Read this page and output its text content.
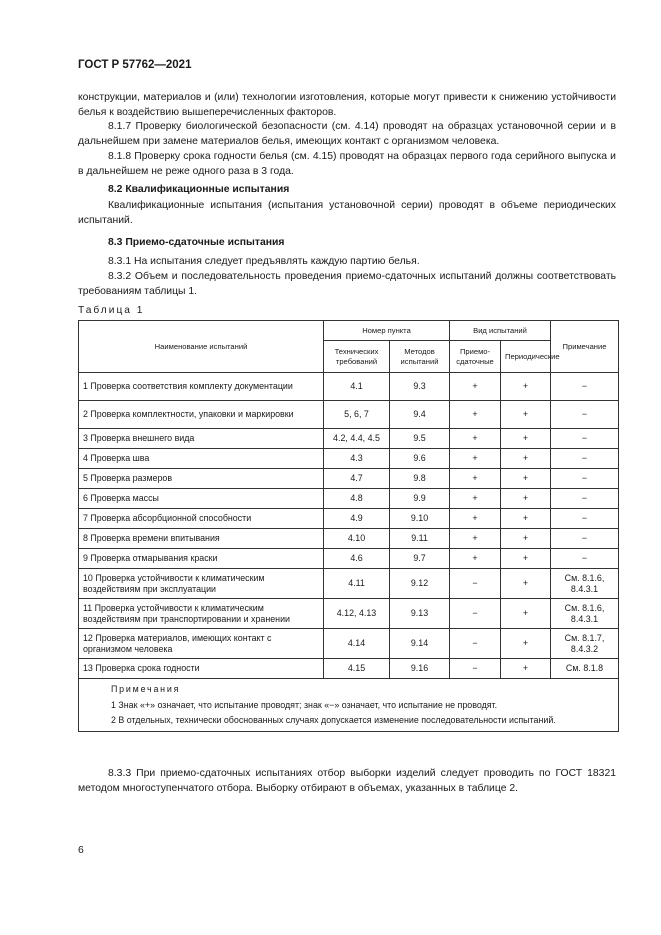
ГОСТ Р 57762—2021

конструкции, материалов и (или) технологии изготовления, которые могут привести к снижению устойчивости белья к воздействию вышеперечисленных факторов.

8.1.7 Проверку биологической безопасности (см. 4.14) проводят на образцах установочной серии и в дальнейшем при замене материалов белья, имеющих контакт с организмом человека.

8.1.8 Проверку срока годности белья (см. 4.15) проводят на образцах первого года серийного выпуска и в дальнейшем не реже одного раза в 3 года.

8.2 Квалификационные испытания

Квалификационные испытания (испытания установочной серии) проводят в объеме периодических испытаний.

8.3 Приемо-сдаточные испытания

8.3.1 На испытания следует предъявлять каждую партию белья.

8.3.2 Объем и последовательность проведения приемо-сдаточных испытаний должны соответствовать требованиям таблицы 1.

Таблица 1
Наименование испытаний	Номер пункта		Вид испытаний		Примечание
	Технических требований	Методов испытаний	Приемо-сдаточные	Периодические	
1 Проверка соответствия комплекту документации	4.1	9.3	+	+	−
2 Проверка комплектности, упаковки и маркировки	5, 6, 7	9.4	+	+	−
3 Проверка внешнего вида	4.2, 4.4, 4.5	9.5	+	+	−
4 Проверка шва	4.3	9.6	+	+	−
5 Проверка размеров	4.7	9.8	+	+	−
6 Проверка массы	4.8	9.9	+	+	−
7 Проверка абсорбционной способности	4.9	9.10	+	+	−
8 Проверка времени впитывания	4.10	9.11	+	+	−
9 Проверка отмарывания краски	4.6	9.7	+	+	−
10 Проверка устойчивости к климатическим воздействиям при эксплуатации	4.11	9.12	−	+	См. 8.1.6, 8.4.3.1
11 Проверка устойчивости к климатическим воздействиям при транспортировании и хранении	4.12, 4.13	9.13	−	+	См. 8.1.6, 8.4.3.1
12 Проверка материалов, имеющих контакт с организмом человека	4.14	9.14	−	+	См. 8.1.7, 8.4.3.2
13 Проверка срока годности	4.15	9.16	−	+	См. 8.1.8

Примечания
1 Знак «+» означает, что испытание проводят; знак «−» означает, что испытание не проводят.
2 В отдельных, технически обоснованных случаях допускается изменение последовательности испытаний.					

8.3.3 При приемо-сдаточных испытаниях отбор выборки изделий следует проводить по ГОСТ 18321 методом многоступенчатого отбора. Выборку отбирают в объемах, указанных в таблице 2.

6
